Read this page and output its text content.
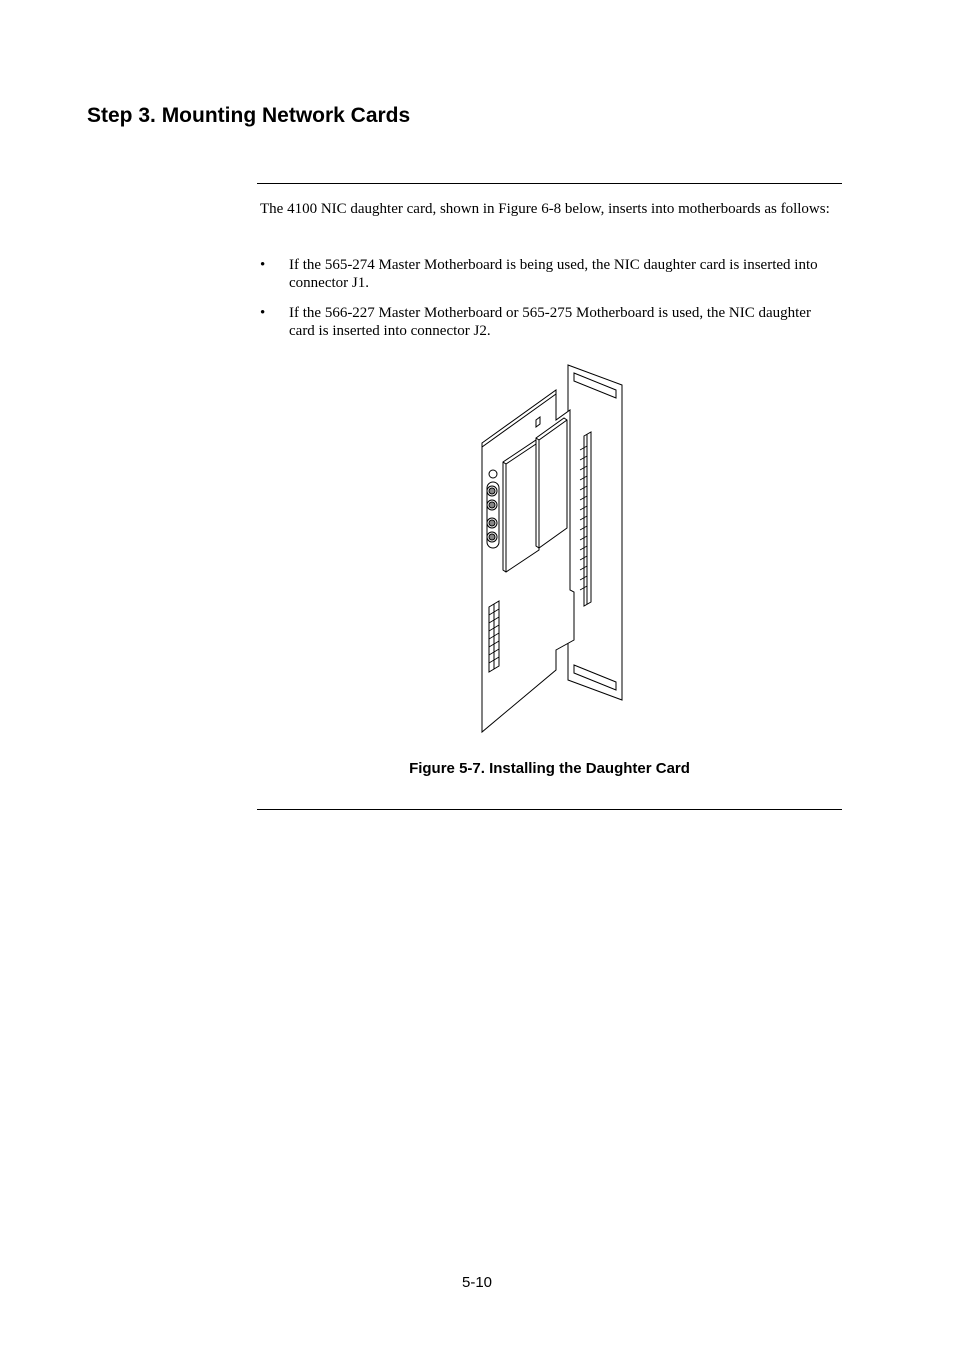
Step 3. Mounting Network Cards

The 4100 NIC daughter card, shown in Figure 6-8 below, inserts into motherboards as follows:

• If the 565-274 Master Motherboard is being used, the NIC daughter card is inserted into connector J1.
• If the 566-227 Master Motherboard or 565-275 Motherboard is used, the NIC daughter card is inserted into connector J2.

Figure 5-7. Installing the Daughter Card

5-10
